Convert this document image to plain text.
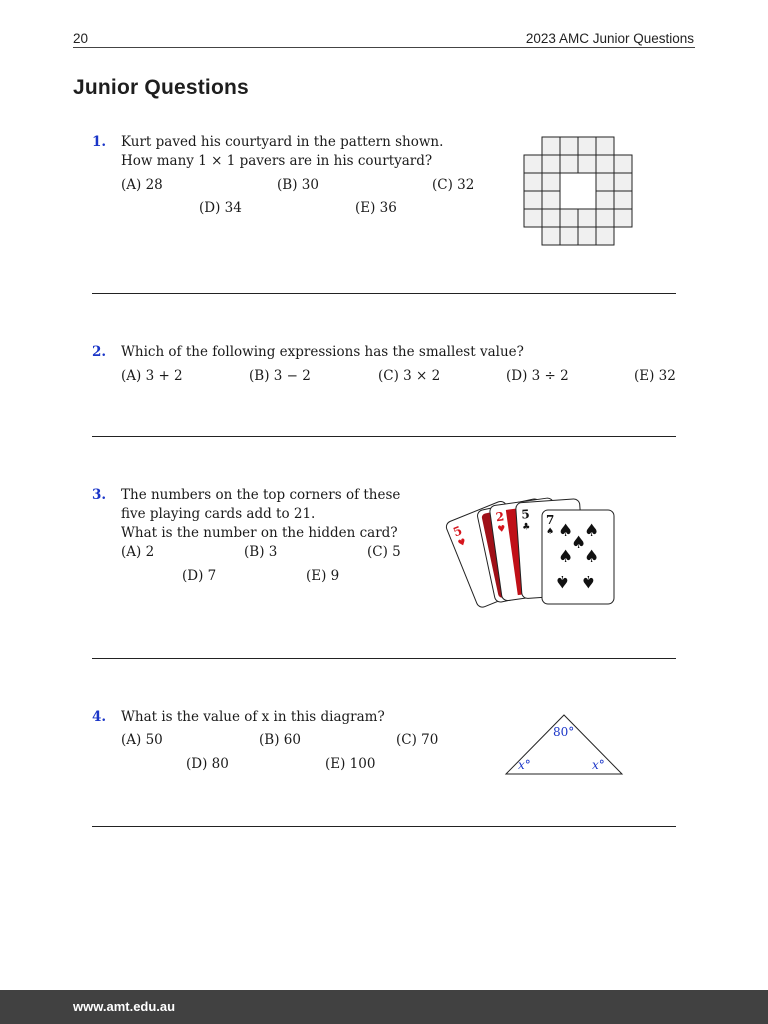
20	2023 AMC Junior Questions
Junior Questions
1. Kurt paved his courtyard in the pattern shown.
How many 1 × 1 pavers are in his courtyard?
(A) 28	(B) 30	(C) 32
(D) 34	(E) 36
2. Which of the following expressions has the smallest value?
(A) 3 + 2	(B) 3 − 2	(C) 3 × 2	(D) 3 ÷ 2	(E) 32
3. The numbers on the top corners of these
five playing cards add to 21.
What is the number on the hidden card?
(A) 2	(B) 3	(C) 5
(D) 7	(E) 9
5
♥
2
♥
5
♣
7
♠ ♠ ♠
♠
♠ ♠
♠ ♠
4. What is the value of x in this diagram?
(A) 50	(B) 60	(C) 70
(D) 80	(E) 100
80°
x°	x°
www.amt.edu.au
